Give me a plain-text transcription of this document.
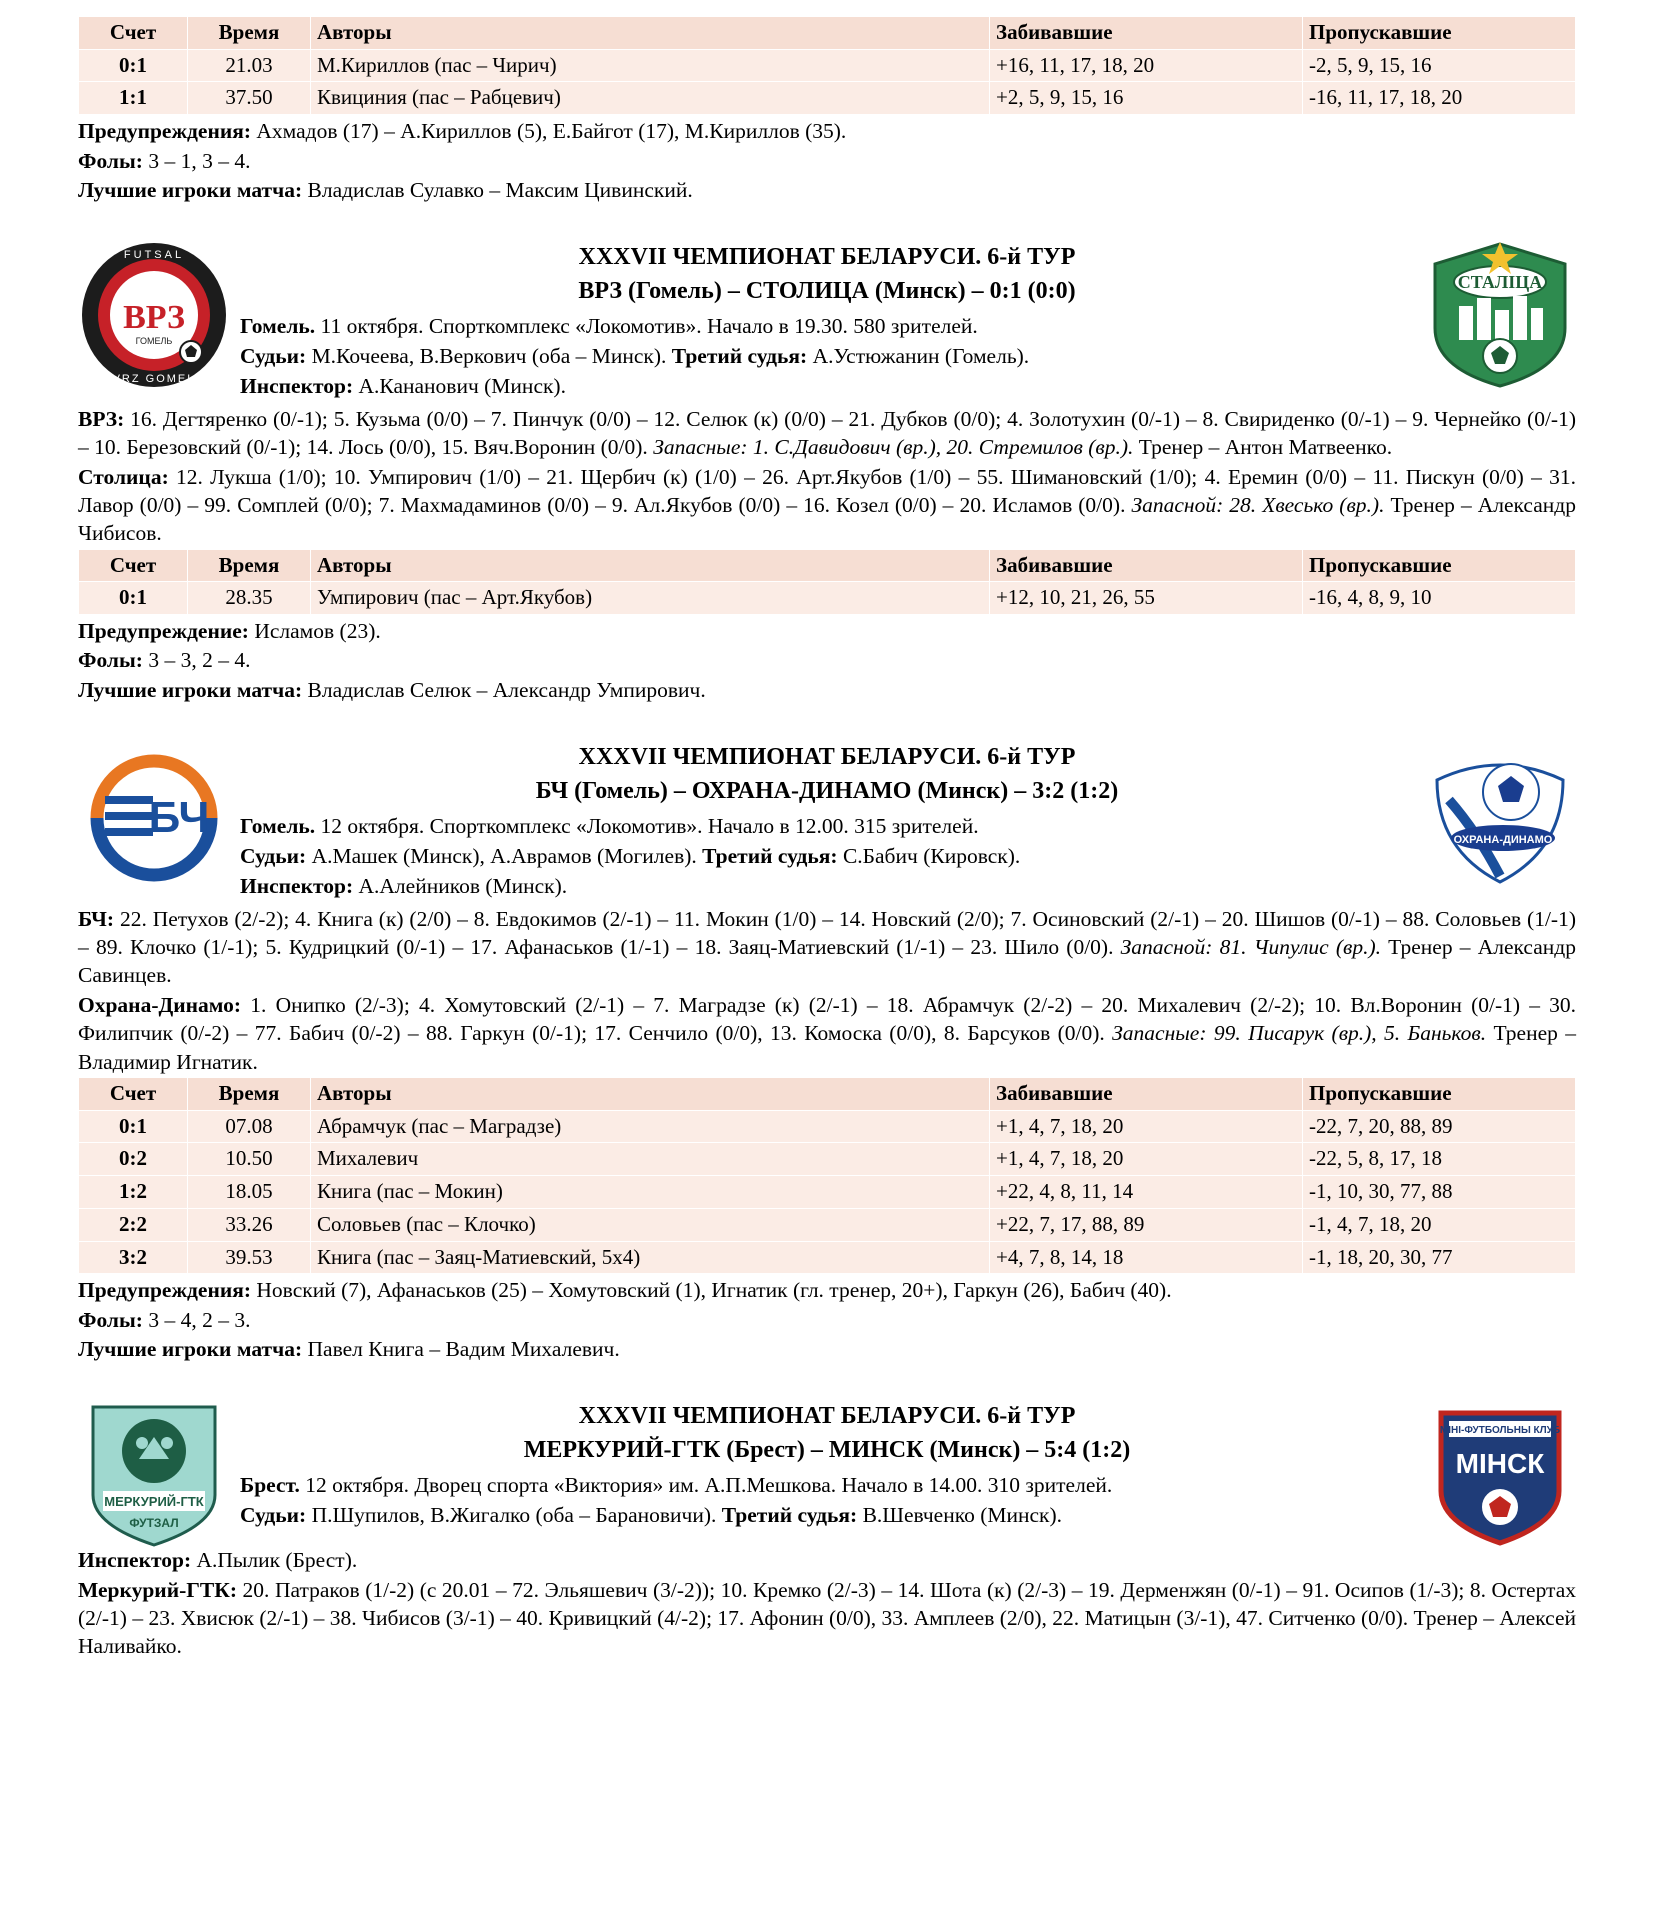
Счет	Время	Авторы	Забивавшие	Пропускавшие
0:1	21.03	М.Кириллов (пас – Чирич)	+16, 11, 17, 18, 20	-2, 5, 9, 15, 16
1:1	37.50	Квициния (пас – Рабцевич)	+2, 5, 9, 15, 16	-16, 11, 17, 18, 20
Предупреждения: Ахмадов (17) – А.Кириллов (5), Е.Байгот (17), М.Кириллов (35).
Фолы: 3 – 1, 3 – 4.
Лучшие игроки матча: Владислав Сулавко – Максим Цивинский.
ВРЗ
ГОМЕЛЬ
FUTSAL
VRZ GOMEL
XXXVII ЧЕМПИОНАТ БЕЛАРУСИ. 6-й ТУР
ВРЗ (Гомель) – СТОЛИЦА (Минск) – 0:1 (0:0)
Гомель. 11 октября. Спорткомплекс «Локомотив». Начало в 19.30. 580 зрителей.
Судьи: М.Кочеева, В.Веркович (оба – Минск). Третий судья: А.Устюжанин (Гомель).
Инспектор: А.Кананович (Минск).
СТАЛIЦА
ВРЗ: 16. Дегтяренко (0/-1); 5. Кузьма (0/0) – 7. Пинчук (0/0) – 12. Селюк (к) (0/0) – 21. Дубков (0/0); 4. Золотухин (0/-1) – 8. Свириденко (0/-1) – 9. Чернейко (0/-1) – 10. Березовский (0/-1); 14. Лось (0/0), 15. Вяч.Воронин (0/0). Запасные: 1. С.Давидович (вр.), 20. Стремилов (вр.). Тренер – Антон Матвеенко.
Столица: 12. Лукша (1/0); 10. Умпирович (1/0) – 21. Щербич (к) (1/0) – 26. Арт.Якубов (1/0) – 55. Шимановский (1/0); 4. Еремин (0/0) – 11. Пискун (0/0) – 31. Лавор (0/0) – 99. Сомплей (0/0); 7. Махмадаминов (0/0) – 9. Ал.Якубов (0/0) – 16. Козел (0/0) – 20. Исламов (0/0). Запасной: 28. Хвесько (вр.). Тренер – Александр Чибисов.
Счет	Время	Авторы	Забивавшие	Пропускавшие
0:1	28.35	Умпирович (пас – Арт.Якубов)	+12, 10, 21, 26, 55	-16, 4, 8, 9, 10
Предупреждение: Исламов (23).
Фолы: 3 – 3, 2 – 4.
Лучшие игроки матча: Владислав Селюк – Александр Умпирович.
БЧ
XXXVII ЧЕМПИОНАТ БЕЛАРУСИ. 6-й ТУР
БЧ (Гомель) – ОХРАНА-ДИНАМО (Минск) – 3:2 (1:2)
Гомель. 12 октября. Спорткомплекс «Локомотив». Начало в 12.00. 315 зрителей.
Судьи: А.Машек (Минск), А.Аврамов (Могилев). Третий судья: С.Бабич (Кировск).
Инспектор: А.Алейников (Минск).
ОХРАНА-ДИНАМО
БЧ: 22. Петухов (2/-2); 4. Книга (к) (2/0) – 8. Евдокимов (2/-1) – 11. Мокин (1/0) – 14. Новский (2/0); 7. Осиновский (2/-1) – 20. Шишов (0/-1) – 88. Соловьев (1/-1) – 89. Клочко (1/-1); 5. Кудрицкий (0/-1) – 17. Афанаськов (1/-1) – 18. Заяц-Матиевский (1/-1) – 23. Шило (0/0). Запасной: 81. Чипулис (вр.). Тренер – Александр Савинцев.
Охрана-Динамо: 1. Онипко (2/-3); 4. Хомутовский (2/-1) – 7. Маградзе (к) (2/-1) – 18. Абрамчук (2/-2) – 20. Михалевич (2/-2); 10. Вл.Воронин (0/-1) – 30. Филипчик (0/-2) – 77. Бабич (0/-2) – 88. Гаркун (0/-1); 17. Сенчило (0/0), 13. Комоска (0/0), 8. Барсуков (0/0). Запасные: 99. Писарук (вр.), 5. Баньков. Тренер – Владимир Игнатик.
Счет	Время	Авторы	Забивавшие	Пропускавшие
0:1	07.08	Абрамчук (пас – Маградзе)	+1, 4, 7, 18, 20	-22, 7, 20, 88, 89
0:2	10.50	Михалевич	+1, 4, 7, 18, 20	-22, 5, 8, 17, 18
1:2	18.05	Книга (пас – Мокин)	+22, 4, 8, 11, 14	-1, 10, 30, 77, 88
2:2	33.26	Соловьев (пас – Клочко)	+22, 7, 17, 88, 89	-1, 4, 7, 18, 20
3:2	39.53	Книга (пас – Заяц-Матиевский, 5х4)	+4, 7, 8, 14, 18	-1, 18, 20, 30, 77
Предупреждения: Новский (7), Афанаськов (25) – Хомутовский (1), Игнатик (гл. тренер, 20+), Гаркун (26), Бабич (40).
Фолы: 3 – 4, 2 – 3.
Лучшие игроки матча: Павел Книга – Вадим Михалевич.
МЕРКУРИЙ-ГТК
ФУТЗАЛ
XXXVII ЧЕМПИОНАТ БЕЛАРУСИ. 6-й ТУР
МЕРКУРИЙ-ГТК (Брест) – МИНСК (Минск) – 5:4 (1:2)
Брест. 12 октября. Дворец спорта «Виктория» им. А.П.Мешкова. Начало в 14.00. 310 зрителей.
Судьи: П.Шупилов, В.Жигалко (оба – Барановичи). Третий судья: В.Шевченко (Минск).
МІНІ-ФУТБОЛЬНЫ КЛУБ
МІНСК
Инспектор: А.Пылик (Брест).
Меркурий-ГТК: 20. Патраков (1/-2) (с 20.01 – 72. Эльяшевич (3/-2)); 10. Кремко (2/-3) – 14. Шота (к) (2/-3) – 19. Дерменжян (0/-1) – 91. Осипов (1/-3); 8. Остертах (2/-1) – 23. Хвисюк (2/-1) – 38. Чибисов (3/-1) – 40. Кривицкий (4/-2); 17. Афонин (0/0), 33. Амплеев (2/0), 22. Матицын (3/-1), 47. Ситченко (0/0). Тренер – Алексей Наливайко.
